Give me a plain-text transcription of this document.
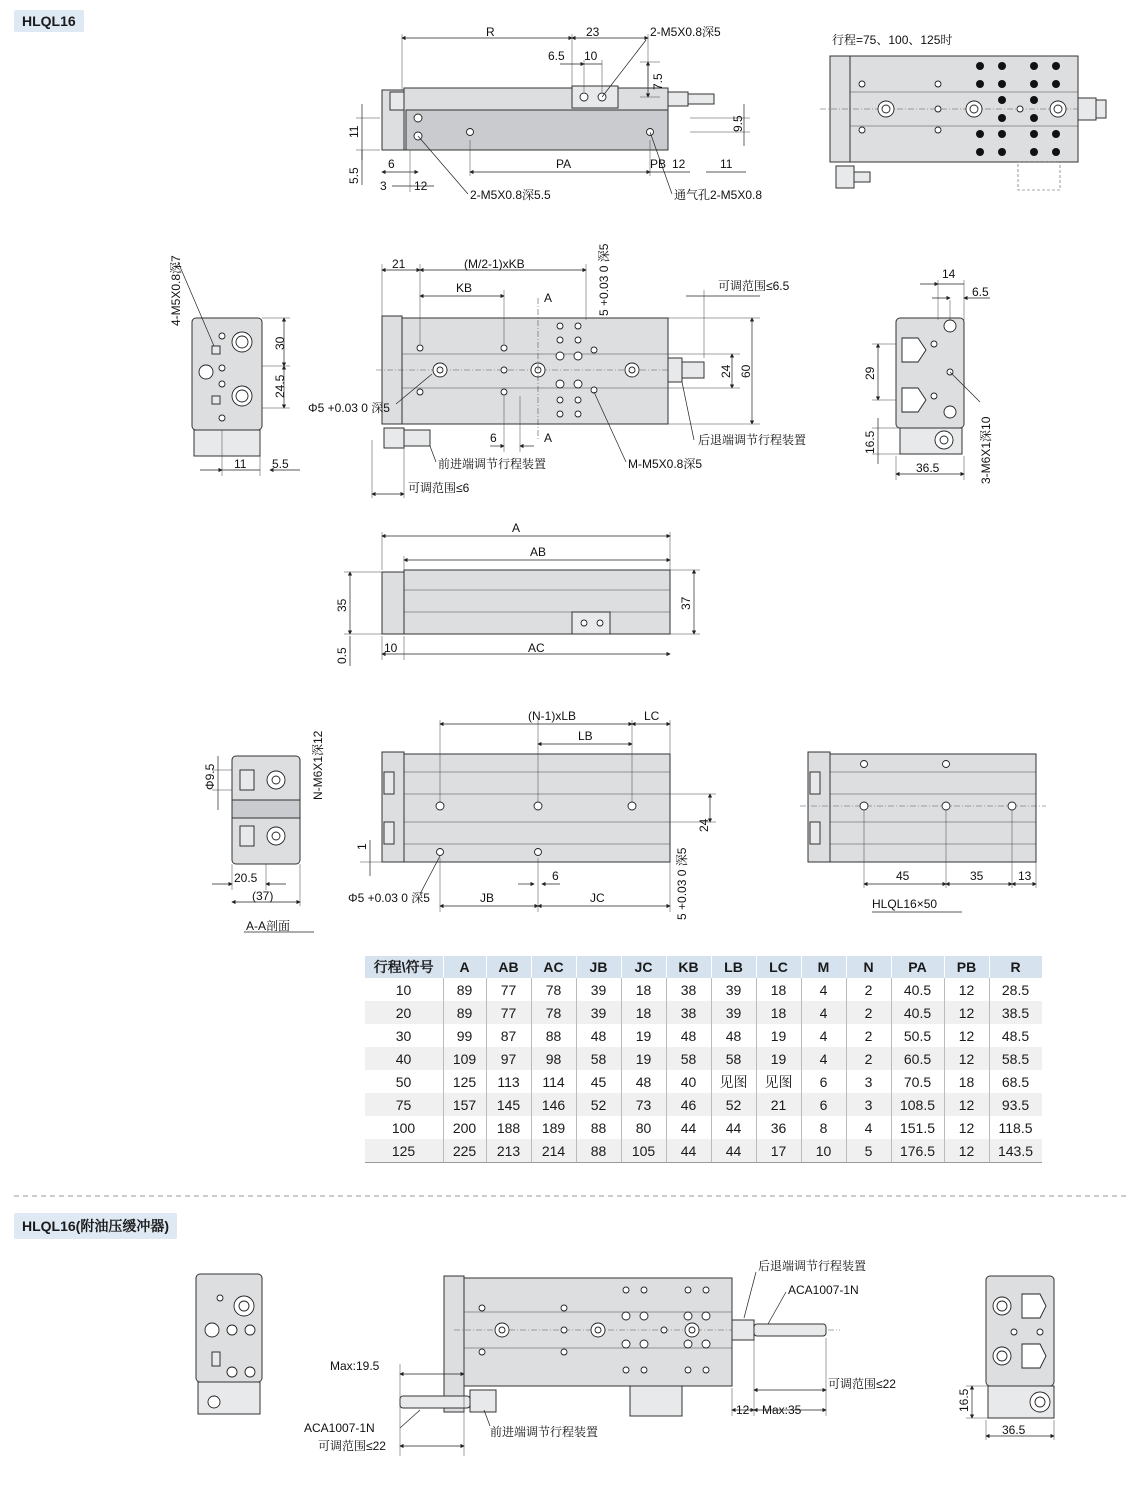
HLQL16
HLQL16(附油压缓冲器)
R	23
6.5 10
2-M5X0.8深5
7.5
9.5
11
5.5
6
3 12
PA	PB 12	11
2-M5X0.8深5.5	通气孔2-M5X0.8
行程=75、100、125时
4-M5X0.8深7
30
24.5
11 5.5
21	(M/2-1)xKB
KB	5 +0.03 0 深5
A
A
可调范围≤6.5
24 60
Φ5 +0.03 0 深5
6	后退端调节行程装置
前进端调节行程装置	M-M5X0.8深5
可调范围≤6
14
6.5
29
16.5
36.5	3-M6X1深10
A
AB
AC
35	37
0.5	10
Φ9.5	N-M6X1深12
20.5
(37)
A-A剖面
(N-1)xLB
LB
LC
24
1
Φ5 +0.03 0 深5
6
JB	JC	5 +0.03 0 深5	45	35	13
HLQL16×50
后退端调节行程装置
ACA1007-1N
Max:19.5
可调范围≤22
12 Max:35
ACA1007-1N	前进端调节行程装置
可调范围≤22
16.5
36.5
行程\符号	A	AB	AC	JB	JC	KB	LB	LC	M	N	PA	PB	R
10	89	77	78	39	18	38	39	18	4	2	40.5	12	28.5
20	89	77	78	39	18	38	39	18	4	2	40.5	12	38.5
30	99	87	88	48	19	48	48	19	4	2	50.5	12	48.5
40	109	97	98	58	19	58	58	19	4	2	60.5	12	58.5
50	125	113	114	45	48	40	见图	见图	6	3	70.5	18	68.5
75	157	145	146	52	73	46	52	21	6	3	108.5	12	93.5
100	200	188	189	88	80	44	44	36	8	4	151.5	12	118.5
125	225	213	214	88	105	44	44	17	10	5	176.5	12	143.5
